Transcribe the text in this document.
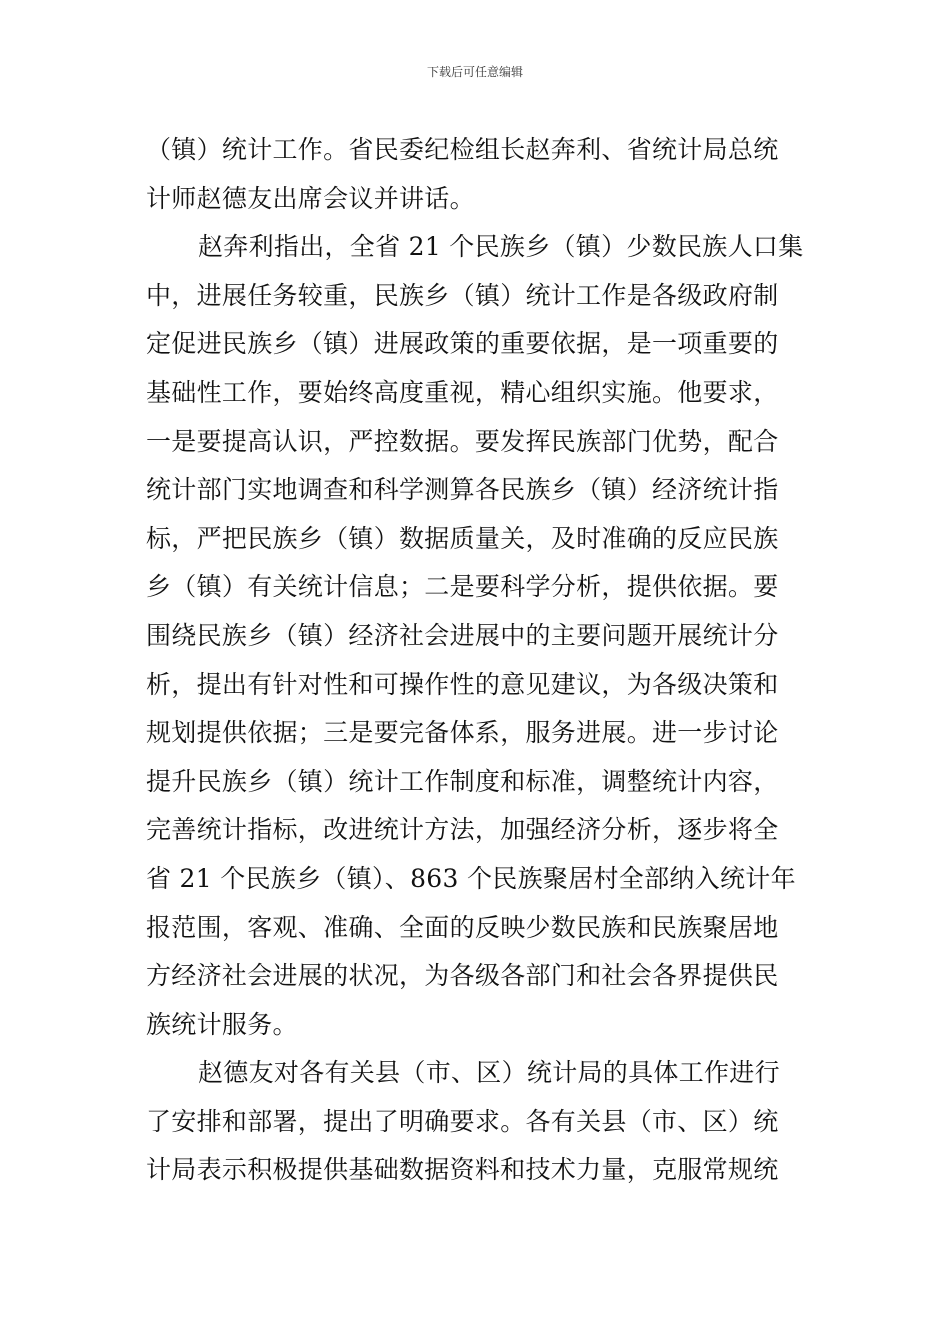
下载后可任意编辑
（镇）统计工作。省民委纪检组长赵奔利、省统计局总统
计师赵德友出席会议并讲话。
赵奔利指出，全省 21 个民族乡（镇）少数民族人口集
中，进展任务较重，民族乡（镇）统计工作是各级政府制
定促进民族乡（镇）进展政策的重要依据，是一项重要的
基础性工作，要始终高度重视，精心组织实施。他要求，
一是要提高认识，严控数据。要发挥民族部门优势，配合
统计部门实地调查和科学测算各民族乡（镇）经济统计指
标，严把民族乡（镇）数据质量关，及时准确的反应民族
乡（镇）有关统计信息；二是要科学分析，提供依据。要
围绕民族乡（镇）经济社会进展中的主要问题开展统计分
析，提出有针对性和可操作性的意见建议，为各级决策和
规划提供依据；三是要完备体系，服务进展。进一步讨论
提升民族乡（镇）统计工作制度和标准，调整统计内容，
完善统计指标，改进统计方法，加强经济分析，逐步将全
省 21 个民族乡（镇）、863 个民族聚居村全部纳入统计年
报范围，客观、准确、全面的反映少数民族和民族聚居地
方经济社会进展的状况，为各级各部门和社会各界提供民
族统计服务。
赵德友对各有关县（市、区）统计局的具体工作进行
了安排和部署，提出了明确要求。各有关县（市、区）统
计局表示积极提供基础数据资料和技术力量，克服常规统
